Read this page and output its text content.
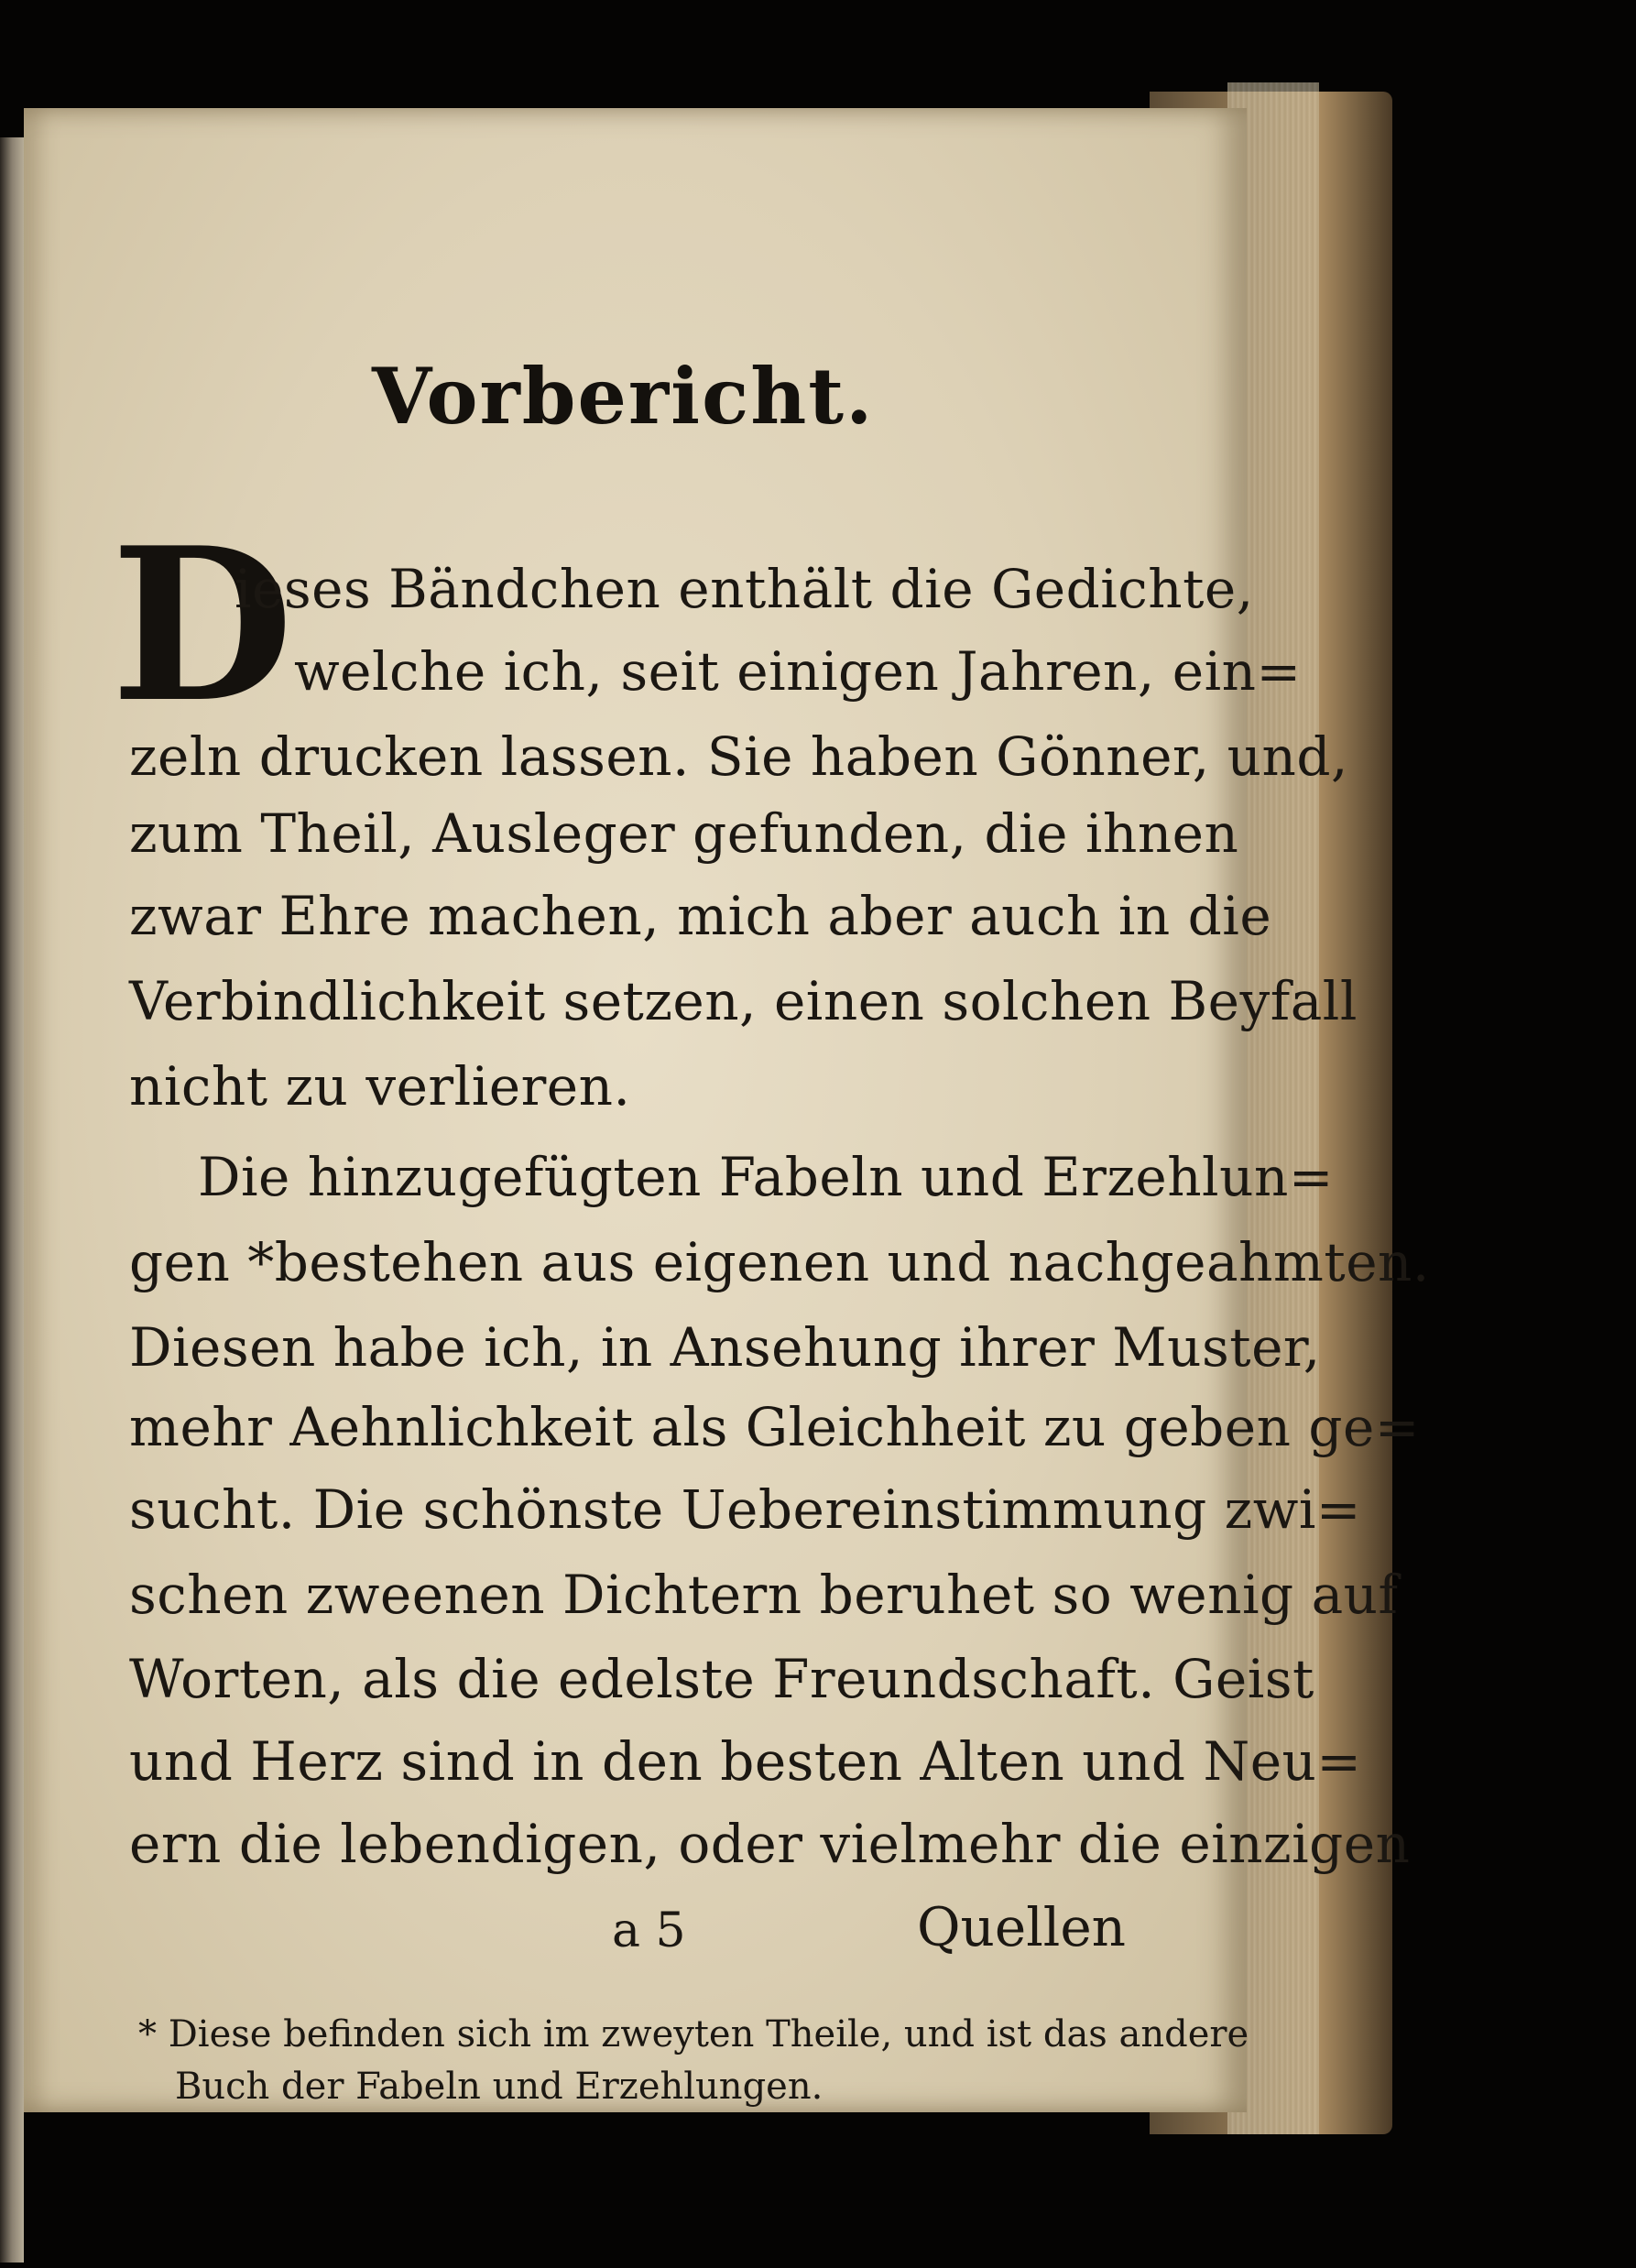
Vorbericht.
D
ieses Bändchen enthält die Gedichte,
welche ich, seit einigen Jahren, ein=
zeln drucken lassen. Sie haben Gönner, und,
zum Theil, Ausleger gefunden, die ihnen
zwar Ehre machen, mich aber auch in die
Verbindlichkeit setzen, einen solchen Beyfall
nicht zu verlieren.
Die hinzugefügten Fabeln und Erzehlun=
gen *bestehen aus eigenen und nachgeahmten.
Diesen habe ich, in Ansehung ihrer Muster,
mehr Aehnlichkeit als Gleichheit zu geben ge=
sucht. Die schönste Uebereinstimmung zwi=
schen zweenen Dichtern beruhet so wenig auf
Worten, als die edelste Freundschaft. Geist
und Herz sind in den besten Alten und Neu=
ern die lebendigen, oder vielmehr die einzigen
a 5	Quellen
* Diese befinden sich im zweyten Theile, und ist das andere
Buch der Fabeln und Erzehlungen.
